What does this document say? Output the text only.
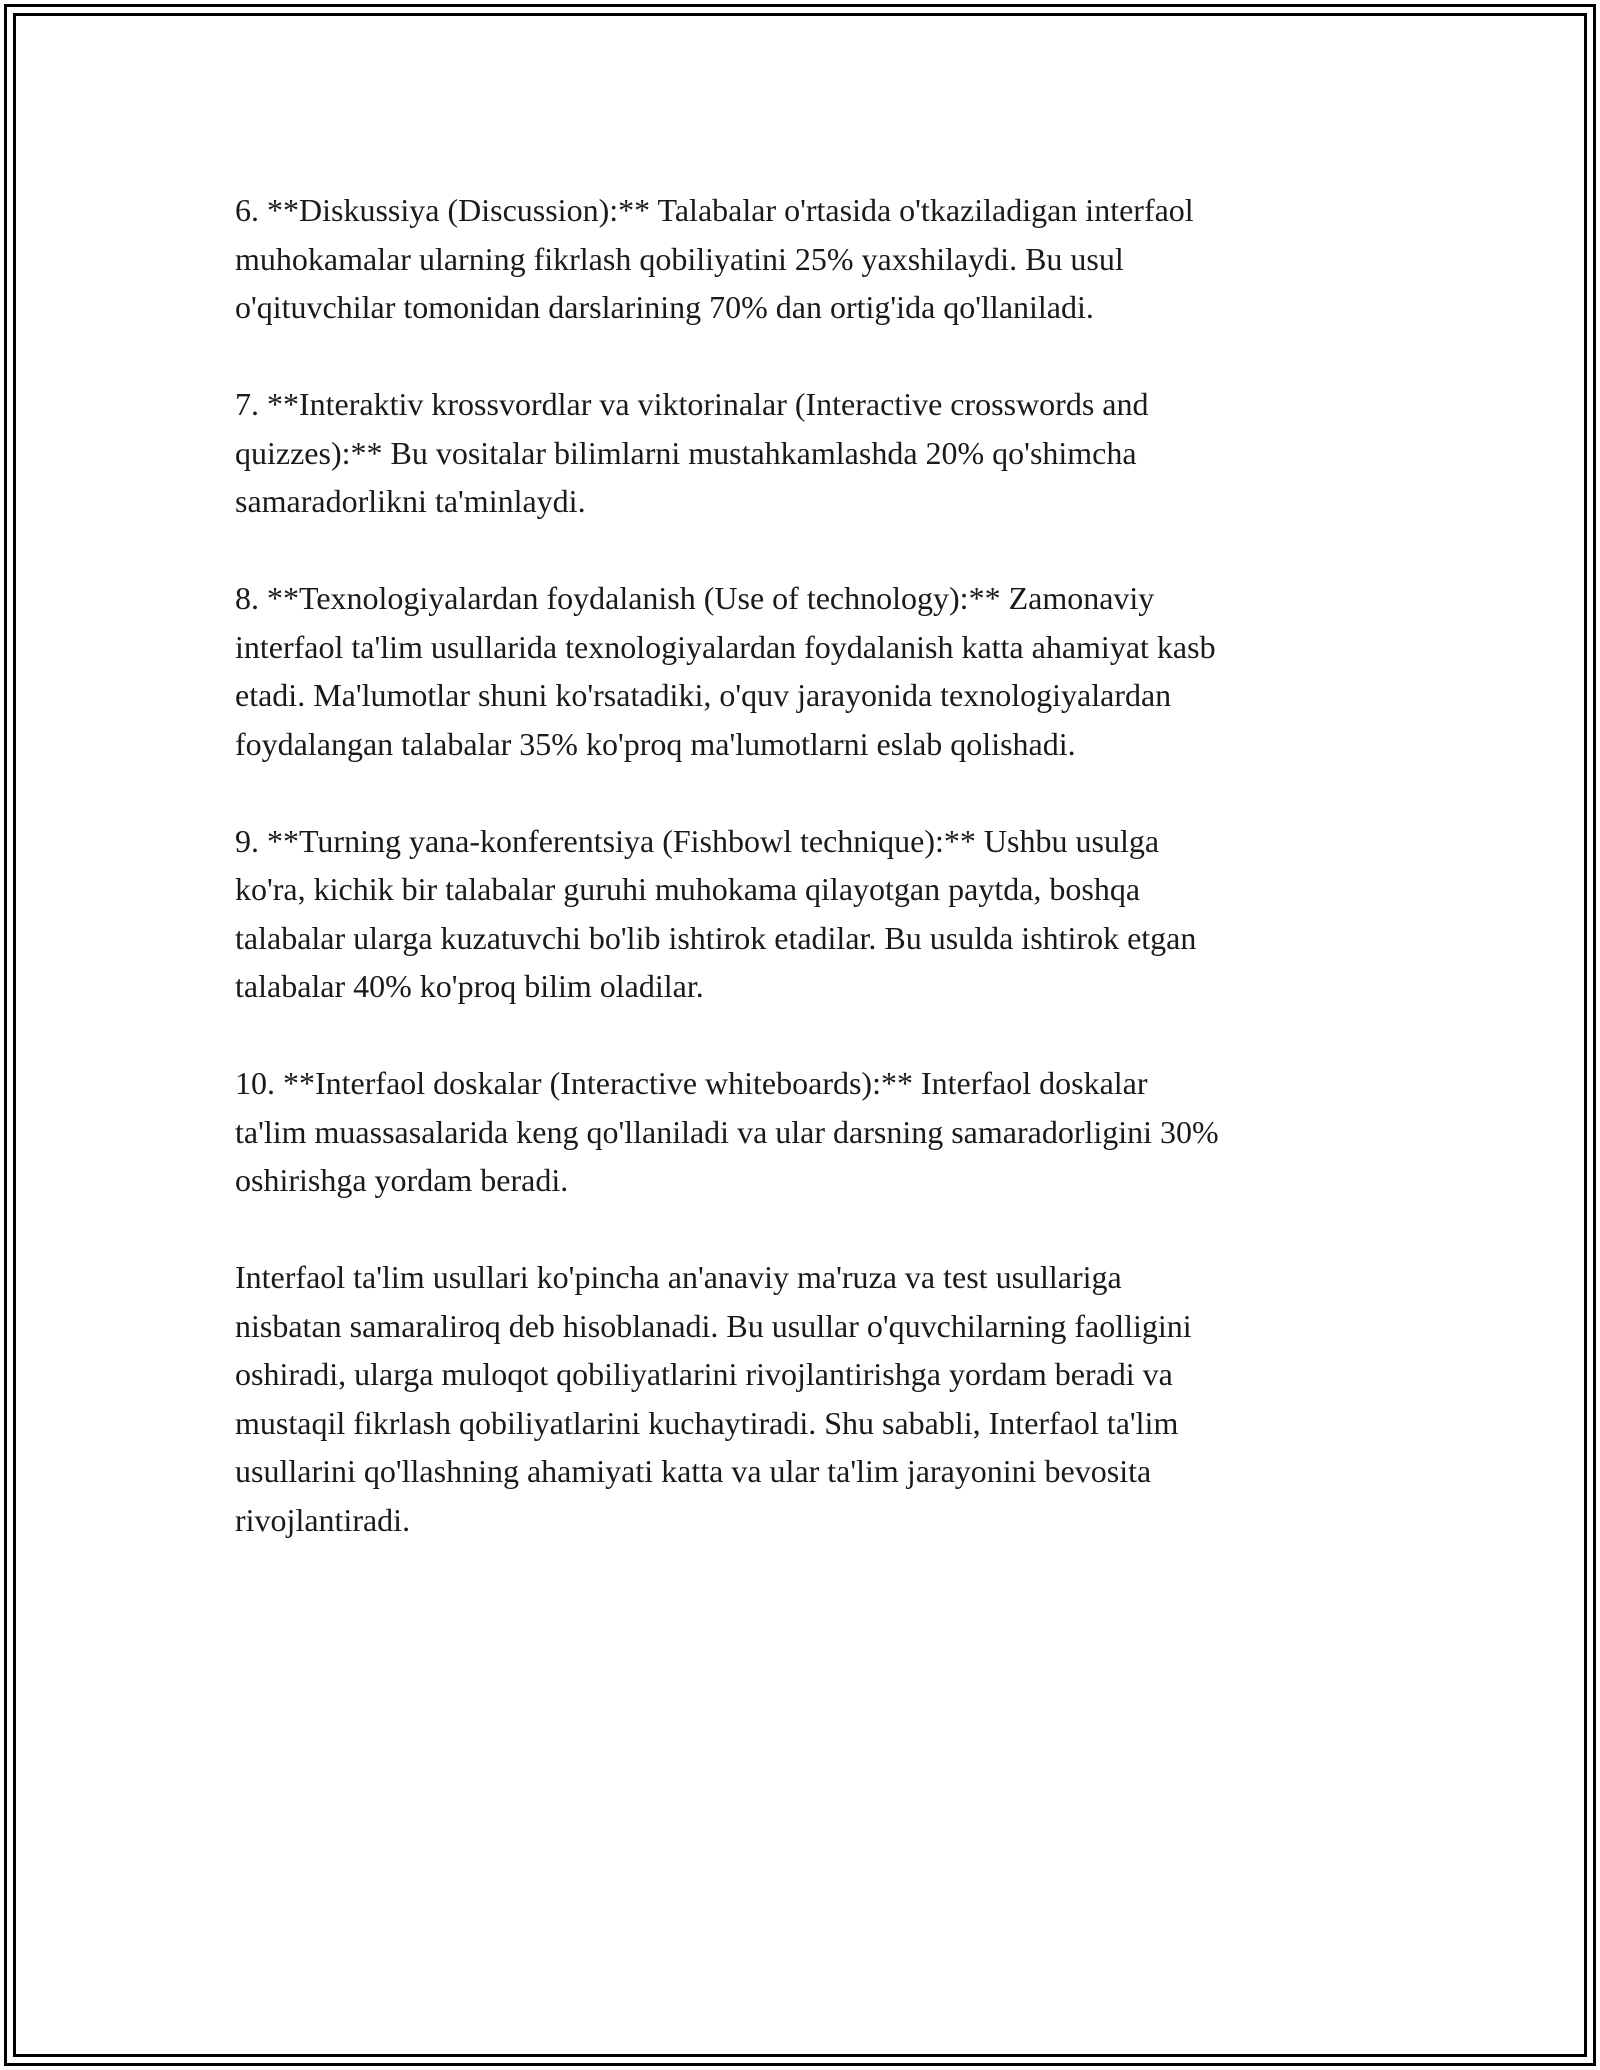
6. **Diskussiya (Discussion):** Talabalar o'rtasida o'tkaziladigan interfaol
muhokamalar ularning fikrlash qobiliyatini 25% yaxshilaydi. Bu usul
o'qituvchilar tomonidan darslarining 70% dan ortig'ida qo'llaniladi.

7. **Interaktiv krossvordlar va viktorinalar (Interactive crosswords and
quizzes):** Bu vositalar bilimlarni mustahkamlashda 20% qo'shimcha
samaradorlikni ta'minlaydi.

8. **Texnologiyalardan foydalanish (Use of technology):** Zamonaviy
interfaol ta'lim usullarida texnologiyalardan foydalanish katta ahamiyat kasb
etadi. Ma'lumotlar shuni ko'rsatadiki, o'quv jarayonida texnologiyalardan
foydalangan talabalar 35% ko'proq ma'lumotlarni eslab qolishadi.

9. **Turning yana-konferentsiya (Fishbowl technique):** Ushbu usulga
ko'ra, kichik bir talabalar guruhi muhokama qilayotgan paytda, boshqa
talabalar ularga kuzatuvchi bo'lib ishtirok etadilar. Bu usulda ishtirok etgan
talabalar 40% ko'proq bilim oladilar.

10. **Interfaol doskalar (Interactive whiteboards):** Interfaol doskalar
ta'lim muassasalarida keng qo'llaniladi va ular darsning samaradorligini 30%
oshirishga yordam beradi.

Interfaol ta'lim usullari ko'pincha an'anaviy ma'ruza va test usullariga
nisbatan samaraliroq deb hisoblanadi. Bu usullar o'quvchilarning faolligini
oshiradi, ularga muloqot qobiliyatlarini rivojlantirishga yordam beradi va
mustaqil fikrlash qobiliyatlarini kuchaytiradi. Shu sababli, Interfaol ta'lim
usullarini qo'llashning ahamiyati katta va ular ta'lim jarayonini bevosita
rivojlantiradi.
